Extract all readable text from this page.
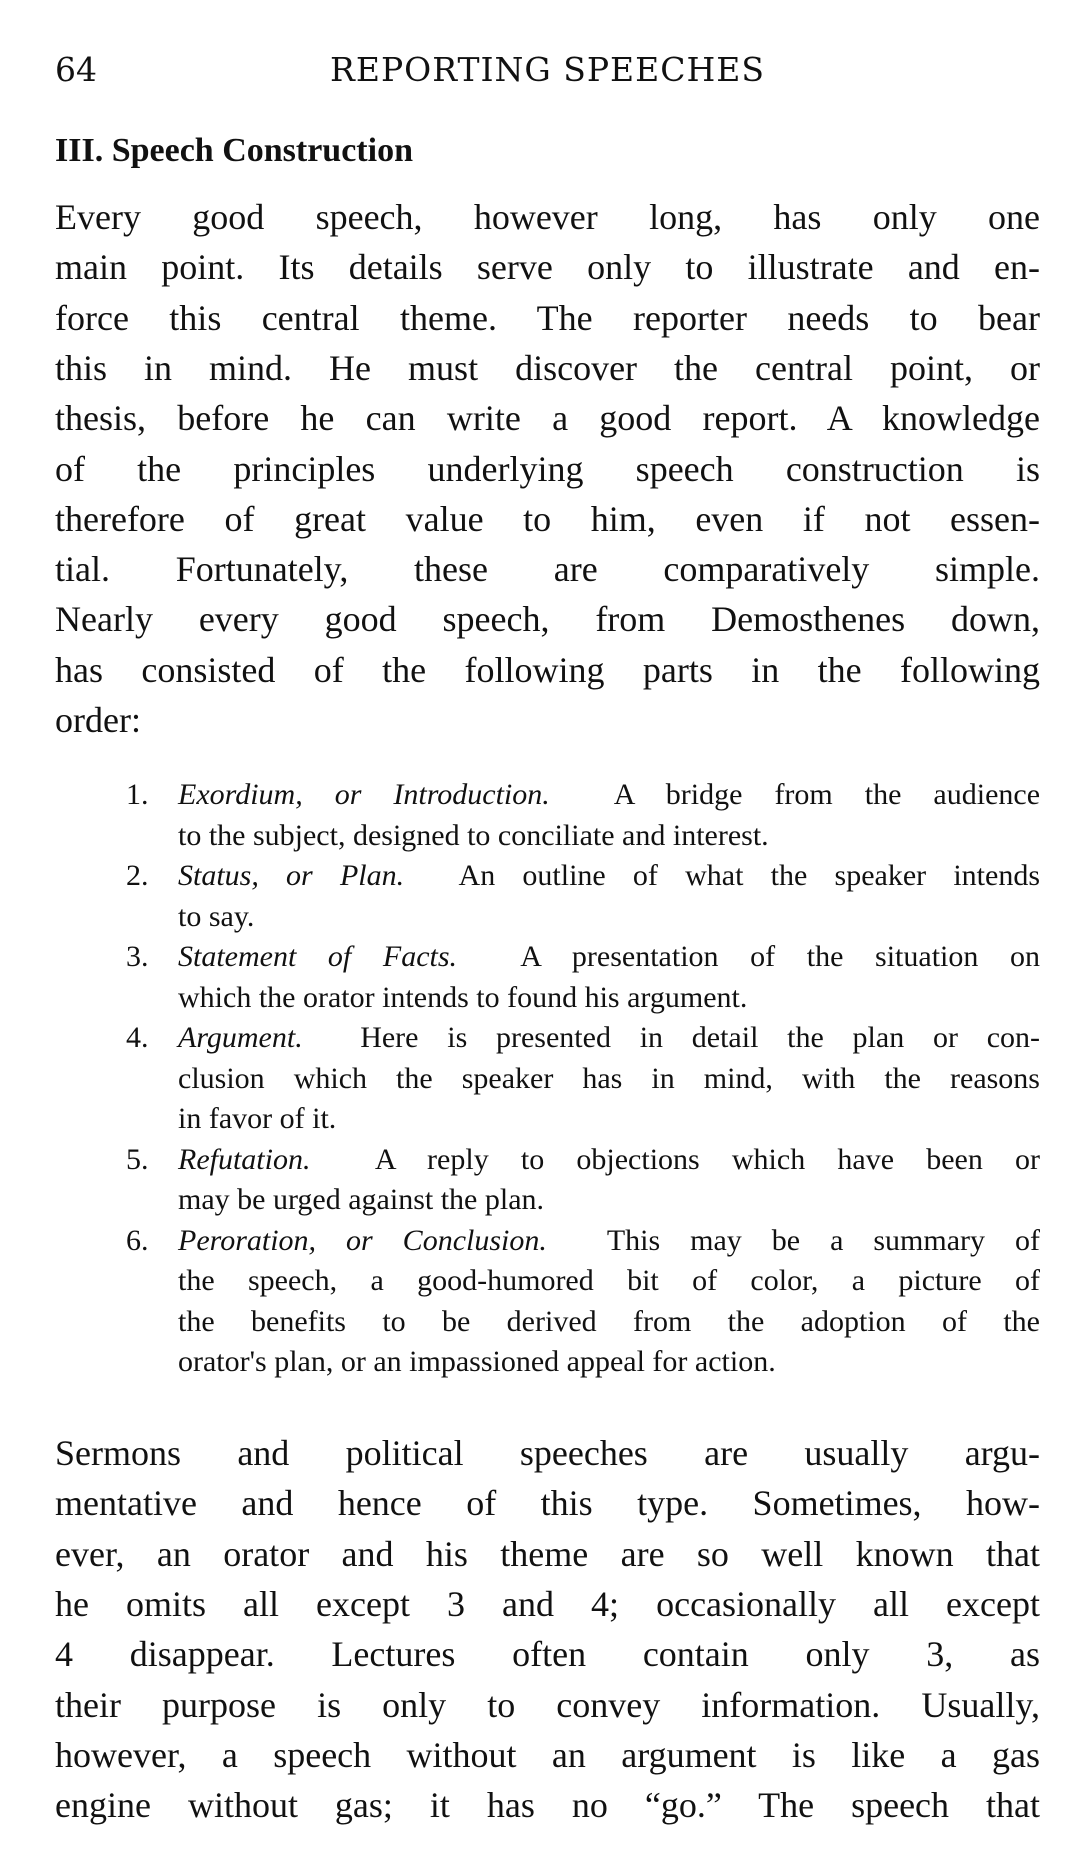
64	REPORTING SPEECHES
III. Speech Construction
Every good speech, however long, has only one
main point. Its details serve only to illustrate and en-
force this central theme. The reporter needs to bear
this in mind. He must discover the central point, or
thesis, before he can write a good report. A knowledge
of the principles underlying speech construction is
therefore of great value to him, even if not essen-
tial. Fortunately, these are comparatively simple.
Nearly every good speech, from Demosthenes down,
has consisted of the following parts in the following
order:
1. Exordium, or Introduction. A bridge from the audience
to the subject, designed to conciliate and interest.
2. Status, or Plan. An outline of what the speaker intends
to say.
3. Statement of Facts. A presentation of the situation on
which the orator intends to found his argument.
4. Argument. Here is presented in detail the plan or con-
clusion which the speaker has in mind, with the reasons
in favor of it.
5. Refutation. A reply to objections which have been or
may be urged against the plan.
6. Peroration, or Conclusion. This may be a summary of
the speech, a good-humored bit of color, a picture of
the benefits to be derived from the adoption of the
orator's plan, or an impassioned appeal for action.
Sermons and political speeches are usually argu-
mentative and hence of this type. Sometimes, how-
ever, an orator and his theme are so well known that
he omits all except 3 and 4; occasionally all except
4 disappear. Lectures often contain only 3, as
their purpose is only to convey information. Usually,
however, a speech without an argument is like a gas
engine without gas; it has no “go.” The speech that
